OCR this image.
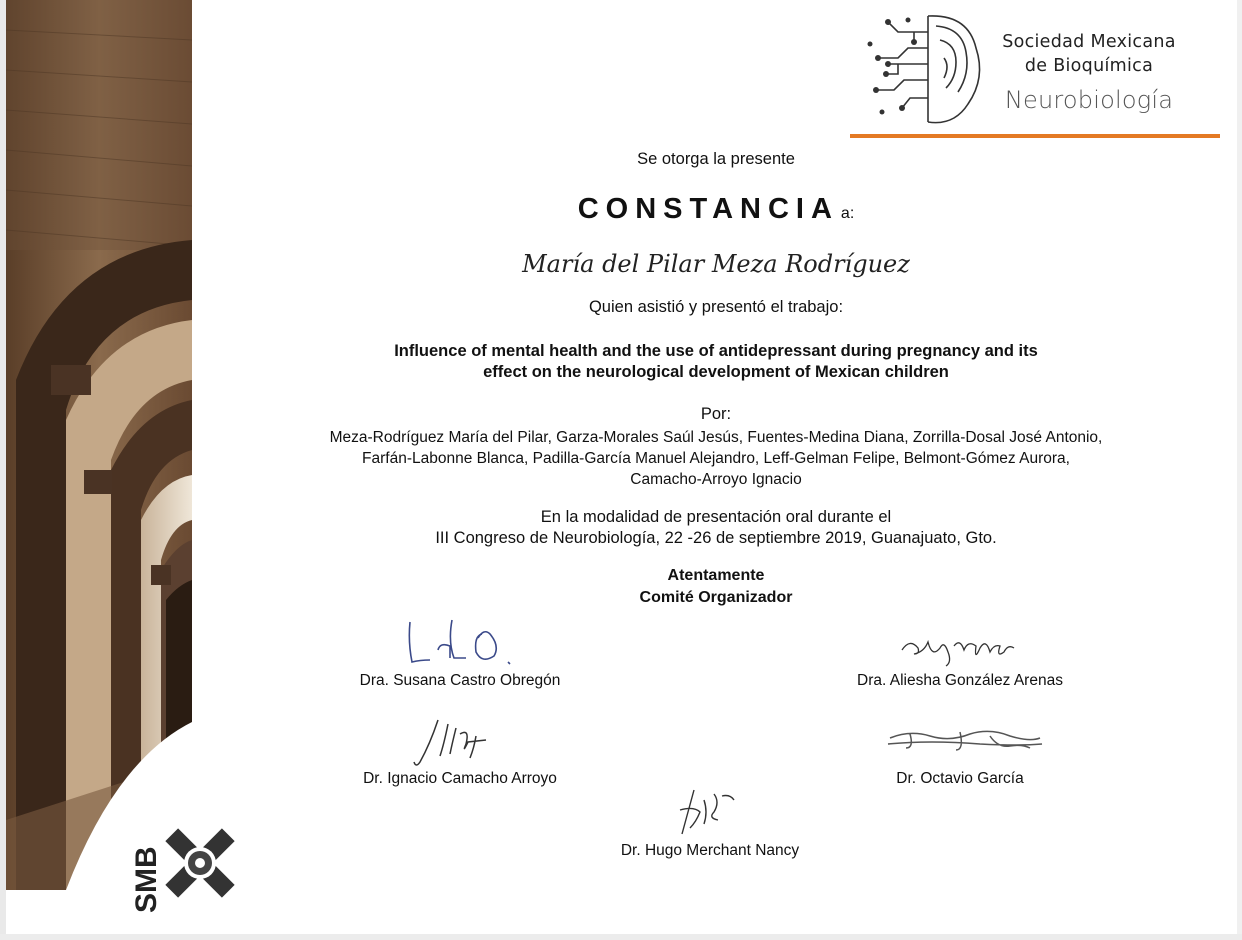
SMB
Sociedad Mexicana
de Bioquímica
Neurobiología
Se otorga la presente
CONSTANCIA a:
María del Pilar Meza Rodríguez
Quien asistió y presentó el trabajo:
Influence of mental health and the use of antidepressant during pregnancy and its
effect on the neurological development of Mexican children
Por:
Meza-Rodríguez María del Pilar, Garza-Morales Saúl Jesús, Fuentes-Medina Diana, Zorrilla-Dosal José Antonio,
Farfán-Labonne Blanca, Padilla-García Manuel Alejandro, Leff-Gelman Felipe, Belmont-Gómez Aurora,
Camacho-Arroyo Ignacio
En la modalidad de presentación oral durante el
III Congreso de Neurobiología, 22 -26 de septiembre 2019, Guanajuato, Gto.
Atentamente
Comité Organizador
Dra. Susana Castro Obregón	Dra. Aliesha González Arenas
Dr. Ignacio Camacho Arroyo	Dr. Octavio García
Dr. Hugo Merchant Nancy
